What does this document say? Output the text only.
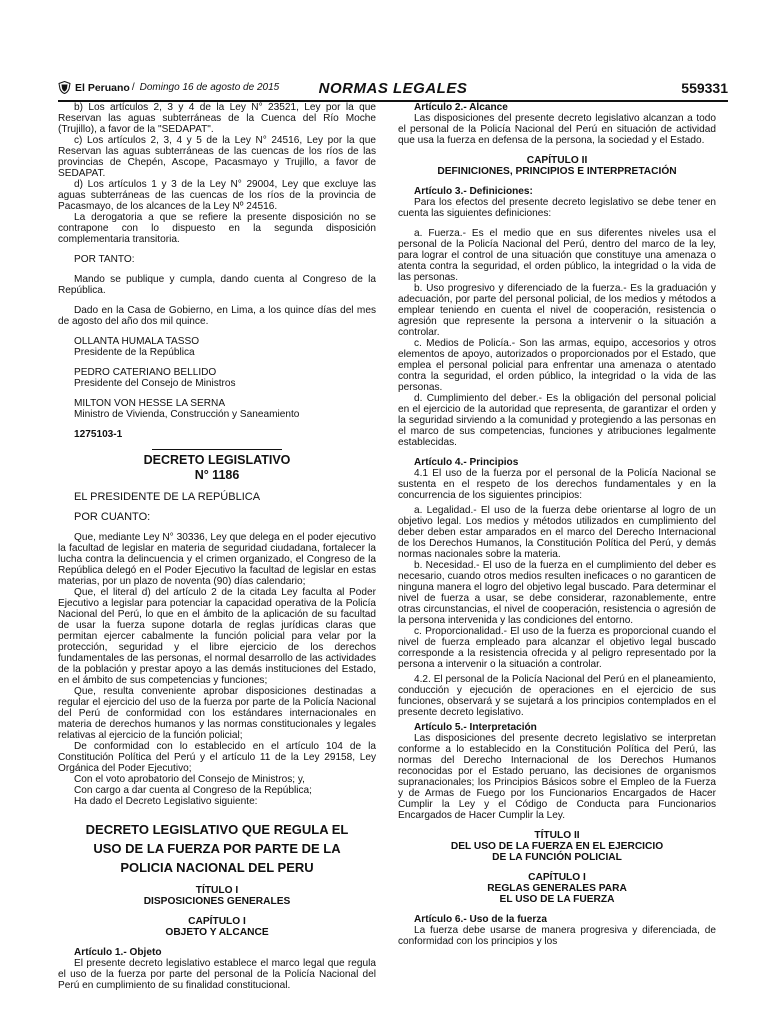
El Peruano / Domingo 16 de agosto de 2015	NORMAS LEGALES	559331

b) Los artículos 2, 3 y 4 de la Ley N° 23521, Ley por la que Reservan las aguas subterráneas de la Cuenca del Río Moche (Trujillo), a favor de la "SEDAPAT".

c) Los artículos 2, 3, 4 y 5 de la Ley N° 24516, Ley por la que Reservan las aguas subterráneas de las cuencas de los ríos de las provincias de Chepén, Ascope, Pacasmayo y Trujillo, a favor de SEDAPAT.

d) Los artículos 1 y 3 de la Ley N° 29004, Ley que excluye las aguas subterráneas de las cuencas de los ríos de la provincia de Pacasmayo, de los alcances de la Ley Nº 24516.

La derogatoria a que se refiere la presente disposición no se contrapone con lo dispuesto en la segunda disposición complementaria transitoria.

POR TANTO:

Mando se publique y cumpla, dando cuenta al Congreso de la República.

Dado en la Casa de Gobierno, en Lima, a los quince días del mes de agosto del año dos mil quince.

OLLANTA HUMALA TASSO

Presidente de la República

PEDRO CATERIANO BELLIDO

Presidente del Consejo de Ministros

MILTON VON HESSE LA SERNA

Ministro de Vivienda, Construcción y Saneamiento

1275103-1

DECRETO LEGISLATIVO
N° 1186

EL PRESIDENTE DE LA REPÚBLICA

POR CUANTO:

Que, mediante Ley N° 30336, Ley que delega en el poder ejecutivo la facultad de legislar en materia de seguridad ciudadana, fortalecer la lucha contra la delincuencia y el crimen organizado, el Congreso de la República delegó en el Poder Ejecutivo la facultad de legislar en estas materias, por un plazo de noventa (90) días calendario;

Que, el literal d) del artículo 2 de la citada Ley faculta al Poder Ejecutivo a legislar para potenciar la capacidad operativa de la Policía Nacional del Perú, lo que en el ámbito de la aplicación de su facultad de usar la fuerza supone dotarla de reglas jurídicas claras que permitan ejercer cabalmente la función policial para velar por la protección, seguridad y el libre ejercicio de los derechos fundamentales de las personas, el normal desarrollo de las actividades de la población y prestar apoyo a las demás instituciones del Estado, en el ámbito de sus competencias y funciones;

Que, resulta conveniente aprobar disposiciones destinadas a regular el ejercicio del uso de la fuerza por parte de la Policía Nacional del Perú de conformidad con los estándares internacionales en materia de derechos humanos y las normas constitucionales y legales relativas al ejercicio de la función policial;

De conformidad con lo establecido en el artículo 104 de la Constitución Política del Perú y el artículo 11 de la Ley 29158, Ley Orgánica del Poder Ejecutivo;

Con el voto aprobatorio del Consejo de Ministros; y,

Con cargo a dar cuenta al Congreso de la República;

Ha dado el Decreto Legislativo siguiente:

DECRETO LEGISLATIVO QUE REGULA EL
USO DE LA FUERZA POR PARTE DE LA
POLICIA NACIONAL DEL PERU
TÍTULO I
DISPOSICIONES GENERALES
CAPÍTULO I
OBJETO Y ALCANCE

Artículo 1.- Objeto

El presente decreto legislativo establece el marco legal que regula el uso de la fuerza por parte del personal de la Policía Nacional del Perú en cumplimiento de su finalidad constitucional.

Artículo 2.- Alcance

Las disposiciones del presente decreto legislativo alcanzan a todo el personal de la Policía Nacional del Perú en situación de actividad que usa la fuerza en defensa de la persona, la sociedad y el Estado.

CAPÍTULO II
DEFINICIONES, PRINCIPIOS E INTERPRETACIÓN

Artículo 3.- Definiciones:

Para los efectos del presente decreto legislativo se debe tener en cuenta las siguientes definiciones:

a. Fuerza.- Es el medio que en sus diferentes niveles usa el personal de la Policía Nacional del Perú, dentro del marco de la ley, para lograr el control de una situación que constituye una amenaza o atenta contra la seguridad, el orden público, la integridad o la vida de las personas.

b. Uso progresivo y diferenciado de la fuerza.- Es la graduación y adecuación, por parte del personal policial, de los medios y métodos a emplear teniendo en cuenta el nivel de cooperación, resistencia o agresión que represente la persona a intervenir o la situación a controlar.

c. Medios de Policía.- Son las armas, equipo, accesorios y otros elementos de apoyo, autorizados o proporcionados por el Estado, que emplea el personal policial para enfrentar una amenaza o atentado contra la seguridad, el orden público, la integridad o la vida de las personas.

d. Cumplimiento del deber.- Es la obligación del personal policial en el ejercicio de la autoridad que representa, de garantizar el orden y la seguridad sirviendo a la comunidad y protegiendo a las personas en el marco de sus competencias, funciones y atribuciones legalmente establecidas.

Artículo 4.- Principios

4.1 El uso de la fuerza por el personal de la Policía Nacional se sustenta en el respeto de los derechos fundamentales y en la concurrencia de los siguientes principios:

a. Legalidad.- El uso de la fuerza debe orientarse al logro de un objetivo legal. Los medios y métodos utilizados en cumplimiento del deber deben estar amparados en el marco del Derecho Internacional de los Derechos Humanos, la Constitución Política del Perú, y demás normas nacionales sobre la materia.

b. Necesidad.- El uso de la fuerza en el cumplimiento del deber es necesario, cuando otros medios resulten ineficaces o no garanticen de ninguna manera el logro del objetivo legal buscado. Para determinar el nivel de fuerza a usar, se debe considerar, razonablemente, entre otras circunstancias, el nivel de cooperación, resistencia o agresión de la persona intervenida y las condiciones del entorno.

c. Proporcionalidad.- El uso de la fuerza es proporcional cuando el nivel de fuerza empleado para alcanzar el objetivo legal buscado corresponde a la resistencia ofrecida y al peligro representado por la persona a intervenir o la situación a controlar.

4.2. El personal de la Policía Nacional del Perú en el planeamiento, conducción y ejecución de operaciones en el ejercicio de sus funciones, observará y se sujetará a los principios contemplados en el presente decreto legislativo.

Artículo 5.- Interpretación

Las disposiciones del presente decreto legislativo se interpretan conforme a lo establecido en la Constitución Política del Perú, las normas del Derecho Internacional de los Derechos Humanos reconocidas por el Estado peruano, las decisiones de organismos supranacionales; los Principios Básicos sobre el Empleo de la Fuerza y de Armas de Fuego por los Funcionarios Encargados de Hacer Cumplir la Ley y el Código de Conducta para Funcionarios Encargados de Hacer Cumplir la Ley.

TÍTULO II
DEL USO DE LA FUERZA EN EL EJERCICIO
DE LA FUNCIÓN POLICIAL
CAPÍTULO I
REGLAS GENERALES PARA
EL USO DE LA FUERZA

Artículo 6.- Uso de la fuerza

La fuerza debe usarse de manera progresiva y diferenciada, de conformidad con los principios y los
